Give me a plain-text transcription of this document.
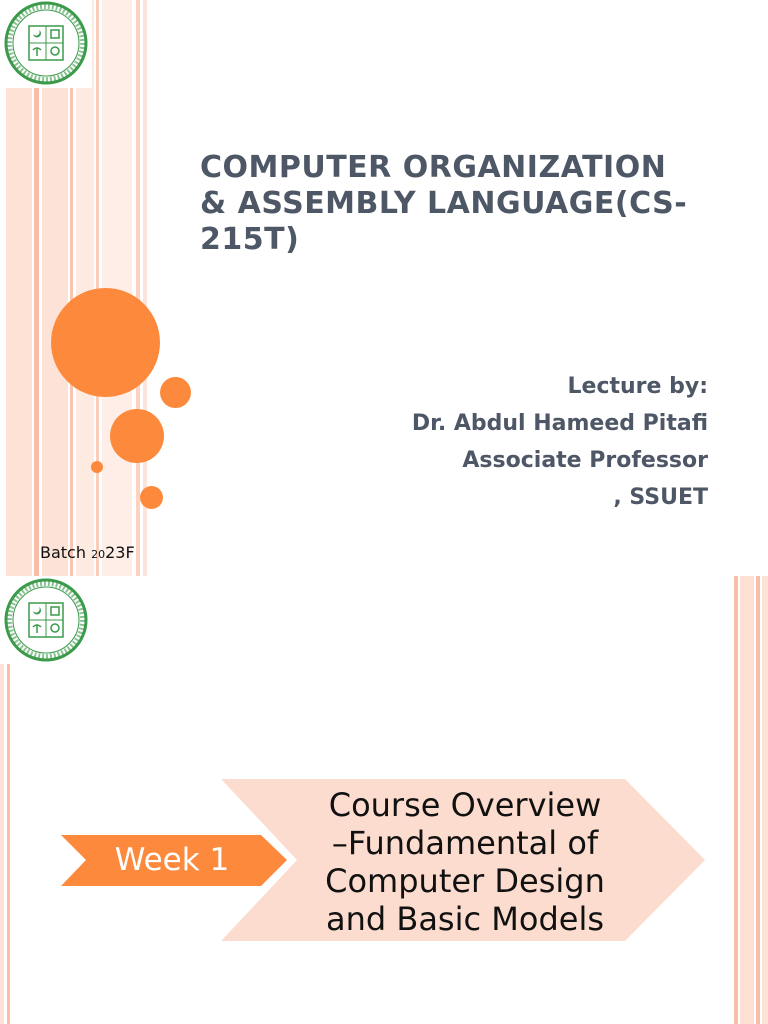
COMPUTER ORGANIZATION & ASSEMBLY LANGUAGE(CS-215T)
Lecture by:
Dr. Abdul Hameed Pitafi
Associate Professor
, SSUET
Batch 2023F
Week 1
Course Overview
–Fundamental of
Computer Design
and Basic Models
